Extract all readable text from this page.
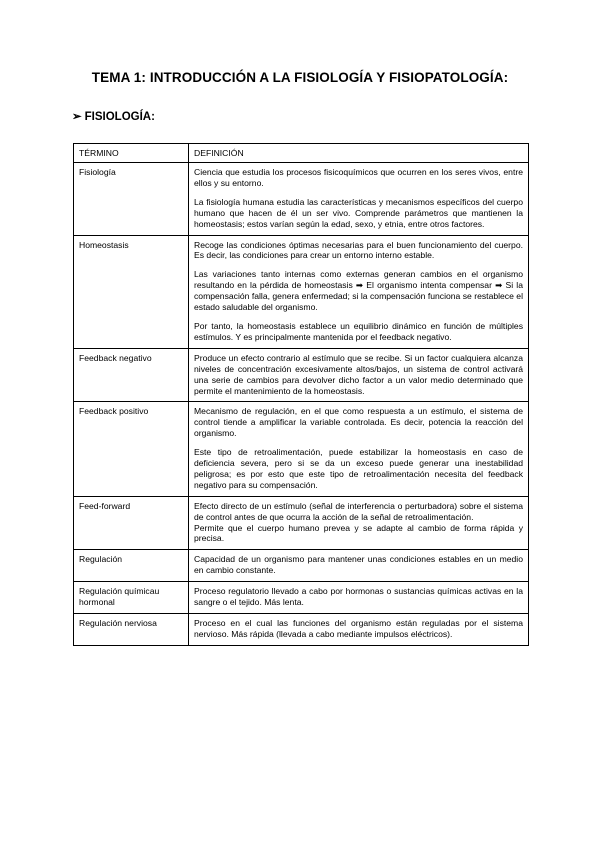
TEMA 1: INTRODUCCIÓN A LA FISIOLOGÍA Y FISIOPATOLOGÍA:
➢ FISIOLOGÍA:
TÉRMINO	DEFINICIÓN
Fisiología	Ciencia que estudia los procesos fisicoquímicos que ocurren en los seres vivos, entre ellos y su entorno.

La fisiología humana estudia las características y mecanismos específicos del cuerpo humano que hacen de él un ser vivo. Comprende parámetros que mantienen la homeostasis; estos varían según la edad, sexo, y etnia, entre otros factores.

Homeostasis	Recoge las condiciones óptimas necesarias para el buen funcionamiento del cuerpo. Es decir, las condiciones para crear un entorno interno estable.

Las variaciones tanto internas como externas generan cambios en el organismo resultando en la pérdida de homeostasis ➡ El organismo intenta compensar ➡ Si la compensación falla, genera enfermedad; si la compensación funciona se restablece el estado saludable del organismo.

Por tanto, la homeostasis establece un equilibrio dinámico en función de múltiples estímulos. Y es principalmente mantenida por el feedback negativo.

Feedback negativo	Produce un efecto contrario al estímulo que se recibe. Si un factor cualquiera alcanza niveles de concentración excesivamente altos/bajos, un sistema de control activará una serie de cambios para devolver dicho factor a un valor medio determinado que permite el mantenimiento de la homeostasis.

Feedback positivo	Mecanismo de regulación, en el que como respuesta a un estímulo, el sistema de control tiende a amplificar la variable controlada. Es decir, potencia la reacción del organismo.

Este tipo de retroalimentación, puede estabilizar la homeostasis en caso de deficiencia severa, pero si se da un exceso puede generar una inestabilidad peligrosa; es por esto que este tipo de retroalimentación necesita del feedback negativo para su compensación.

Feed-forward	Efecto directo de un estímulo (señal de interferencia o perturbadora) sobre el sistema de control antes de que ocurra la acción de la señal de retroalimentación.

Permite que el cuerpo humano prevea y se adapte al cambio de forma rápida y precisa.

Regulación	Capacidad de un organismo para mantener unas condiciones estables en un medio en cambio constante.

Regulación químicau hormonal	Proceso regulatorio llevado a cabo por hormonas o sustancias químicas activas en la sangre o el tejido. Más lenta.

Regulación nerviosa	Proceso en el cual las funciones del organismo están reguladas por el sistema nervioso. Más rápida (llevada a cabo mediante impulsos eléctricos).
